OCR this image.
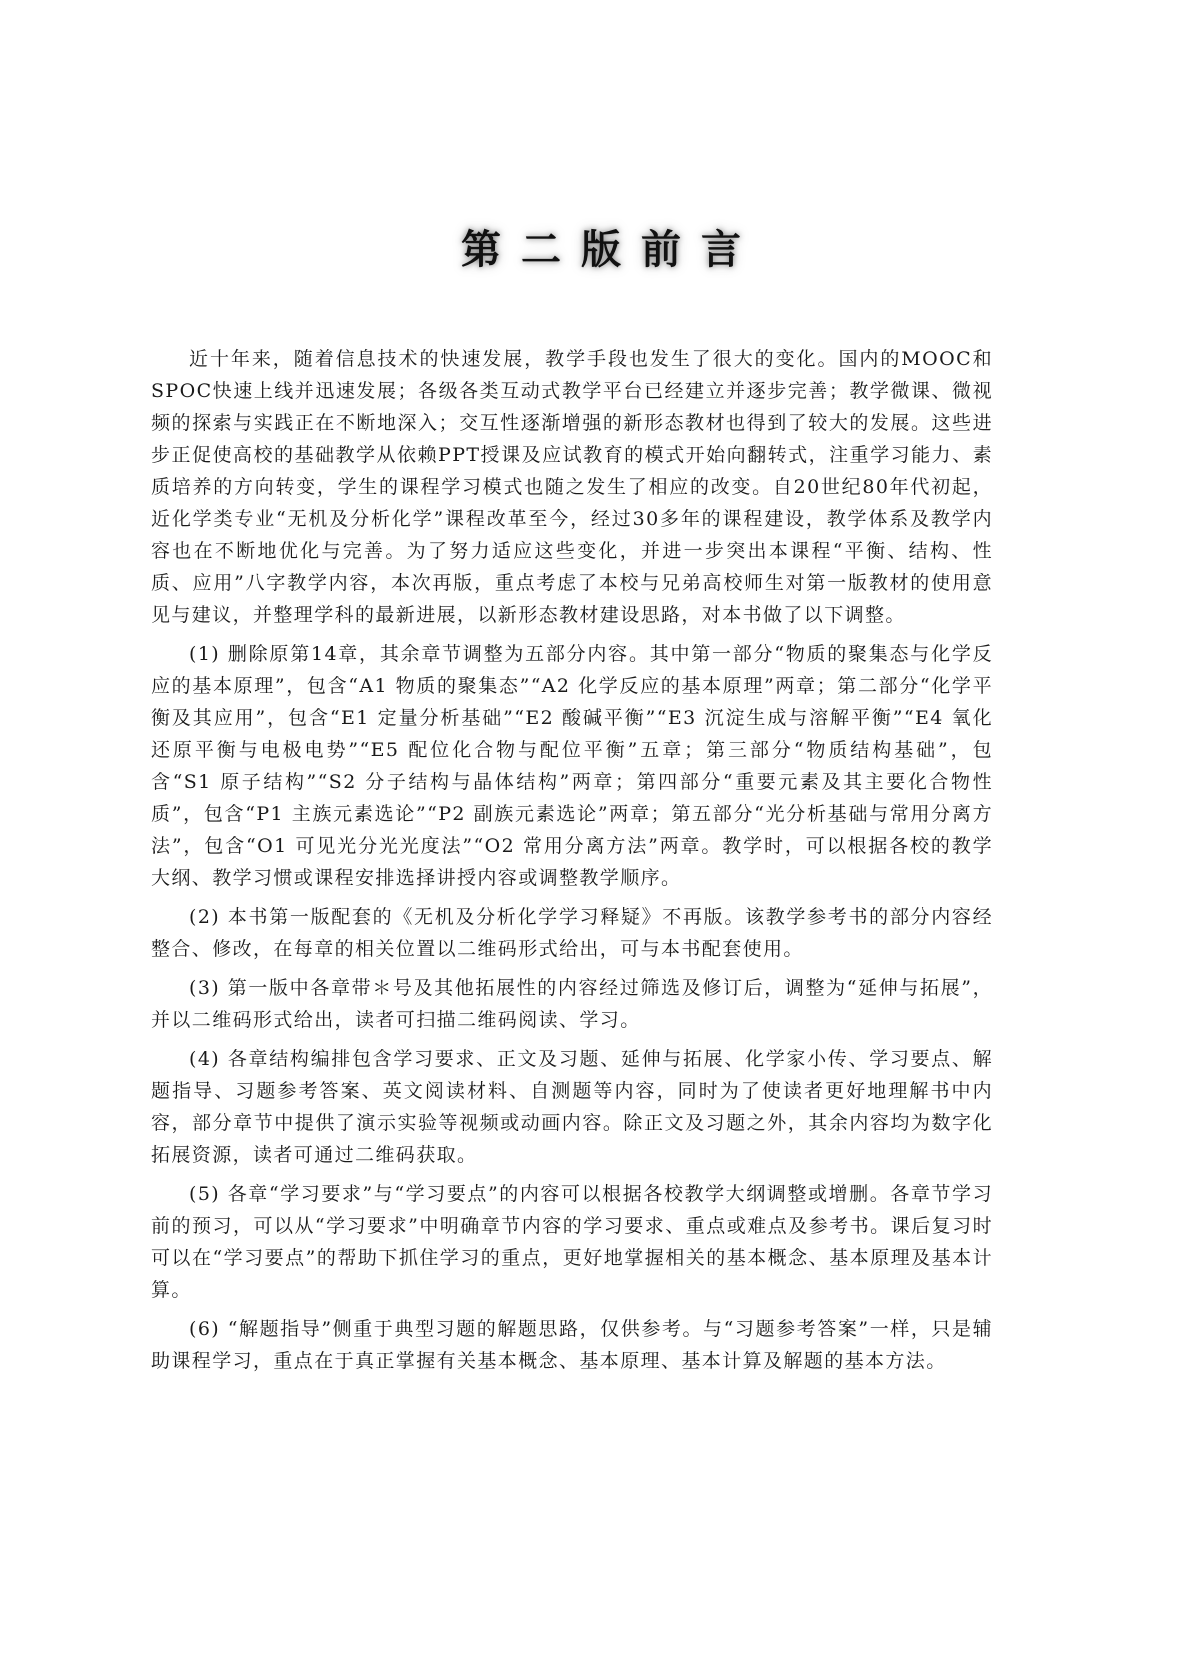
第二版前言

近十年来，随着信息技术的快速发展，教学手段也发生了很大的变化。国内的MOOC和SPOC快速上线并迅速发展；各级各类互动式教学平台已经建立并逐步完善；教学微课、微视频的探索与实践正在不断地深入；交互性逐渐增强的新形态教材也得到了较大的发展。这些进步正促使高校的基础教学从依赖PPT授课及应试教育的模式开始向翻转式，注重学习能力、素质培养的方向转变，学生的课程学习模式也随之发生了相应的改变。自20世纪80年代初起，近化学类专业“无机及分析化学”课程改革至今，经过30多年的课程建设，教学体系及教学内容也在不断地优化与完善。为了努力适应这些变化，并进一步突出本课程“平衡、结构、性质、应用”八字教学内容，本次再版，重点考虑了本校与兄弟高校师生对第一版教材的使用意见与建议，并整理学科的最新进展，以新形态教材建设思路，对本书做了以下调整。

(1) 删除原第14章，其余章节调整为五部分内容。其中第一部分“物质的聚集态与化学反应的基本原理”，包含“A1 物质的聚集态”“A2 化学反应的基本原理”两章；第二部分“化学平衡及其应用”，包含“E1 定量分析基础”“E2 酸碱平衡”“E3 沉淀生成与溶解平衡”“E4 氧化还原平衡与电极电势”“E5 配位化合物与配位平衡”五章；第三部分“物质结构基础”，包含“S1 原子结构”“S2 分子结构与晶体结构”两章；第四部分“重要元素及其主要化合物性质”，包含“P1 主族元素选论”“P2 副族元素选论”两章；第五部分“光分析基础与常用分离方法”，包含“O1 可见光分光光度法”“O2 常用分离方法”两章。教学时，可以根据各校的教学大纲、教学习惯或课程安排选择讲授内容或调整教学顺序。

(2) 本书第一版配套的《无机及分析化学学习释疑》不再版。该教学参考书的部分内容经整合、修改，在每章的相关位置以二维码形式给出，可与本书配套使用。

(3) 第一版中各章带＊号及其他拓展性的内容经过筛选及修订后，调整为“延伸与拓展”，并以二维码形式给出，读者可扫描二维码阅读、学习。

(4) 各章结构编排包含学习要求、正文及习题、延伸与拓展、化学家小传、学习要点、解题指导、习题参考答案、英文阅读材料、自测题等内容，同时为了使读者更好地理解书中内容，部分章节中提供了演示实验等视频或动画内容。除正文及习题之外，其余内容均为数字化拓展资源，读者可通过二维码获取。

(5) 各章“学习要求”与“学习要点”的内容可以根据各校教学大纲调整或增删。各章节学习前的预习，可以从“学习要求”中明确章节内容的学习要求、重点或难点及参考书。课后复习时可以在“学习要点”的帮助下抓住学习的重点，更好地掌握相关的基本概念、基本原理及基本计算。

(6) “解题指导”侧重于典型习题的解题思路，仅供参考。与“习题参考答案”一样，只是辅助课程学习，重点在于真正掌握有关基本概念、基本原理、基本计算及解题的基本方法。
